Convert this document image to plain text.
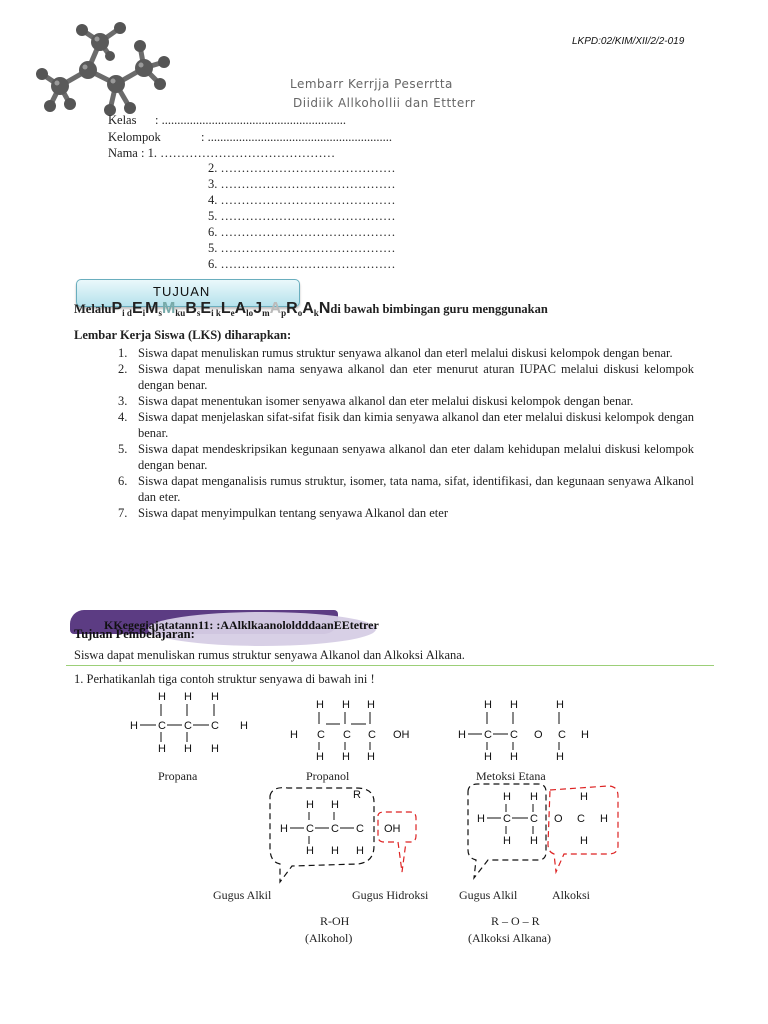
LKPD:02/KIM/XII/2/2-019
Lembarr Kerrjja Peserrtta
Diidiik Allkohollii dan Ettterr
Kelas : ...........................................................
Kelompok	: ...........................................................
Nama : 1. ……………………………………
2. ……………………………………
3. ……………………………………
4. ……………………………………
5. ……………………………………
6. ……………………………………
5. ……………………………………
6. ……………………………………
TUJUAN
$MelaluP_{i d}E_iM_sM_{ku}B_sE_{i k}L_eA_{lo}J_mA_pR_oA_kNdi$ bawah bimbingan guru menggunakan
Lembar Kerja Siswa (LKS) diharapkan:
1. Siswa dapat menuliskan rumus struktur senyawa alkanol dan eterl melalui diskusi kelompok dengan benar.
2. Siswa dapat menuliskan nama senyawa alkanol dan eter menurut aturan IUPAC melalui diskusi kelompok dengan benar.
3. Siswa dapat menentukan isomer senyawa alkanol dan eter melalui diskusi kelompok dengan benar.
4. Siswa dapat menjelaskan sifat-sifat fisik dan kimia senyawa alkanol dan eter melalui diskusi kelompok dengan benar.
5. Siswa dapat mendeskripsikan kegunaan senyawa alkanol dan eter dalam kehidupan melalui diskusi kelompok dengan benar.
6. Siswa dapat menganalisis rumus struktur, isomer, tata nama, sifat, identifikasi, dan kegunaan senyawa Alkanol dan eter.
7. Siswa dapat menyimpulkan tentang senyawa Alkanol dan eter
KKegegiajatatann11: :AAlklkaanololdddaanEEtetrer
Tujuan Pembelajaran:
Siswa dapat menuliskan rumus struktur senyawa Alkanol dan Alkoksi Alkana.
1. Perhatikanlah tiga contoh struktur senyawa di bawah ini !
H H H
H C C C H
H H H
H H H
H C C C OH
H H H
H H	H
H C C O C H
H H	H
H H
R
H C C C OH
H H H
H H	H
H C C O C H
H H	H
Propana	Propanol	Metoksi Etana
Gugus Alkil	Gugus Hidroksi	Gugus Alkil	Alkoksi
R-OH
(Alkohol)
R – O – R
(Alkoksi Alkana)
